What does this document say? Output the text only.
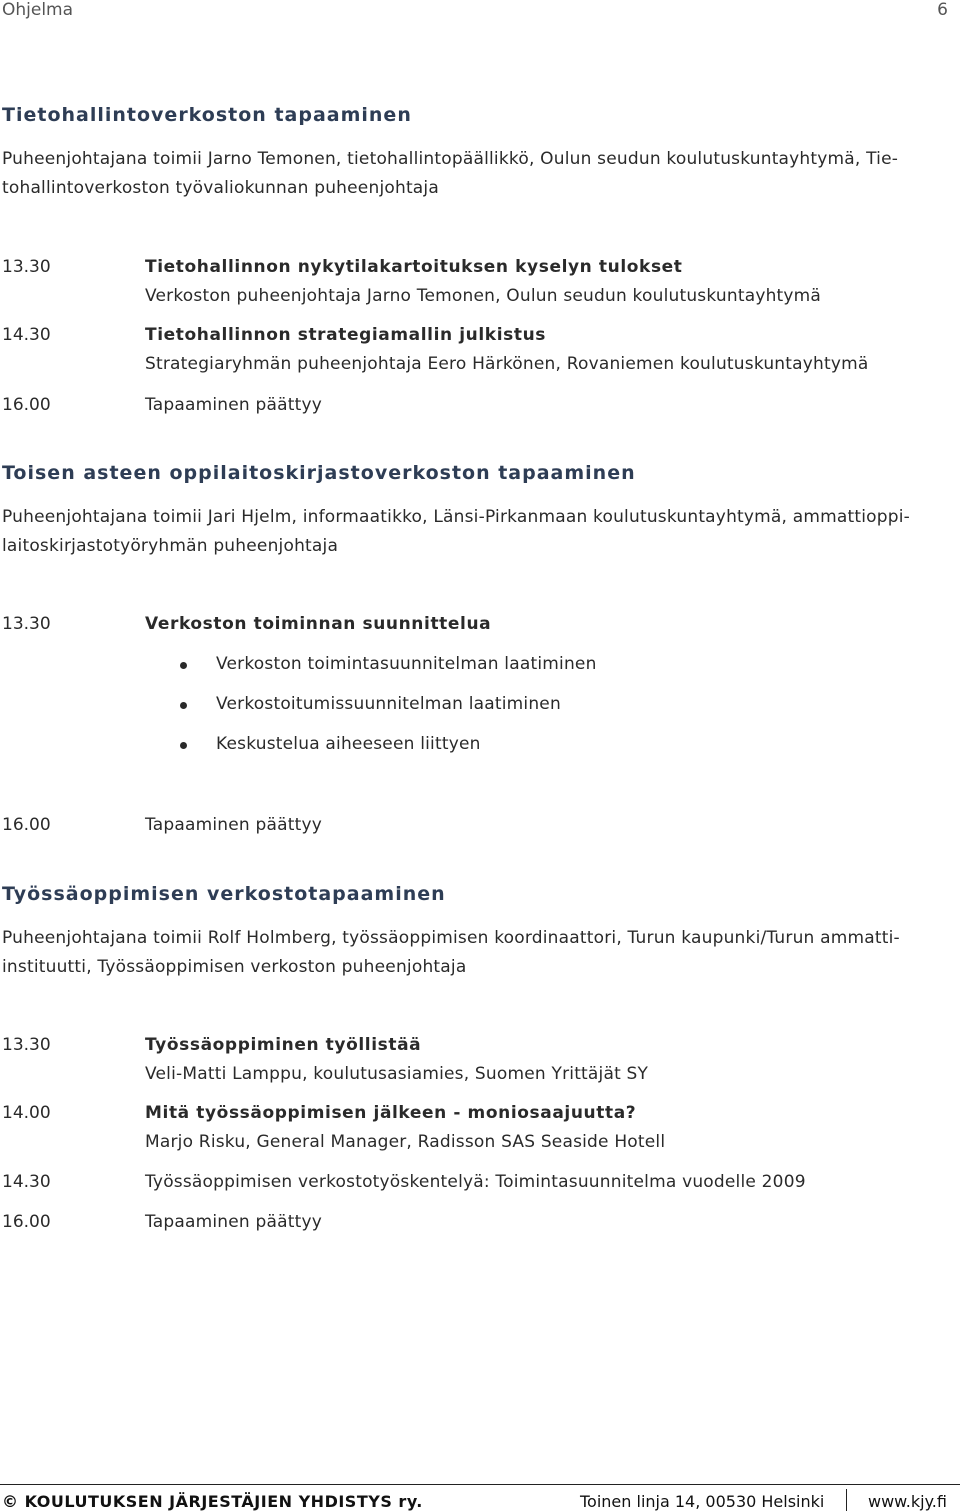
Ohjelma	6
Tietohallintoverkoston tapaaminen
Puheenjohtajana toimii Jarno Temonen, tietohallintopäällikkö, Oulun seudun koulutuskuntayhtymä, Tie-
tohallintoverkoston työvaliokunnan puheenjohtaja
13.30	Tietohallinnon nykytilakartoituksen kyselyn tulokset
Verkoston puheenjohtaja Jarno Temonen, Oulun seudun koulutuskuntayhtymä
14.30	Tietohallinnon strategiamallin julkistus
Strategiaryhmän puheenjohtaja Eero Härkönen, Rovaniemen koulutuskuntayhtymä
16.00	Tapaaminen päättyy
Toisen asteen oppilaitoskirjastoverkoston tapaaminen
Puheenjohtajana toimii Jari Hjelm, informaatikko, Länsi-Pirkanmaan koulutuskuntayhtymä, ammattioppi-
laitoskirjastotyöryhmän puheenjohtaja
13.30	Verkoston toiminnan suunnittelua
Verkoston toimintasuunnitelman laatiminen
Verkostoitumissuunnitelman laatiminen
Keskustelua aiheeseen liittyen
16.00	Tapaaminen päättyy
Työssäoppimisen verkostotapaaminen
Puheenjohtajana toimii Rolf Holmberg, työssäoppimisen koordinaattori, Turun kaupunki/Turun ammatti-
instituutti, Työssäoppimisen verkoston puheenjohtaja
13.30	Työssäoppiminen työllistää
Veli-Matti Lamppu, koulutusasiamies, Suomen Yrittäjät SY
14.00	Mitä työssäoppimisen jälkeen - moniosaajuutta?
Marjo Risku, General Manager, Radisson SAS Seaside Hotell
14.30	Työssäoppimisen verkostotyöskentelyä: Toimintasuunnitelma vuodelle 2009
16.00	Tapaaminen päättyy
© KOULUTUKSEN JÄRJESTÄJIEN YHDISTYS ry.	Toinen linja 14, 00530 Helsinki	www.kjy.fi
